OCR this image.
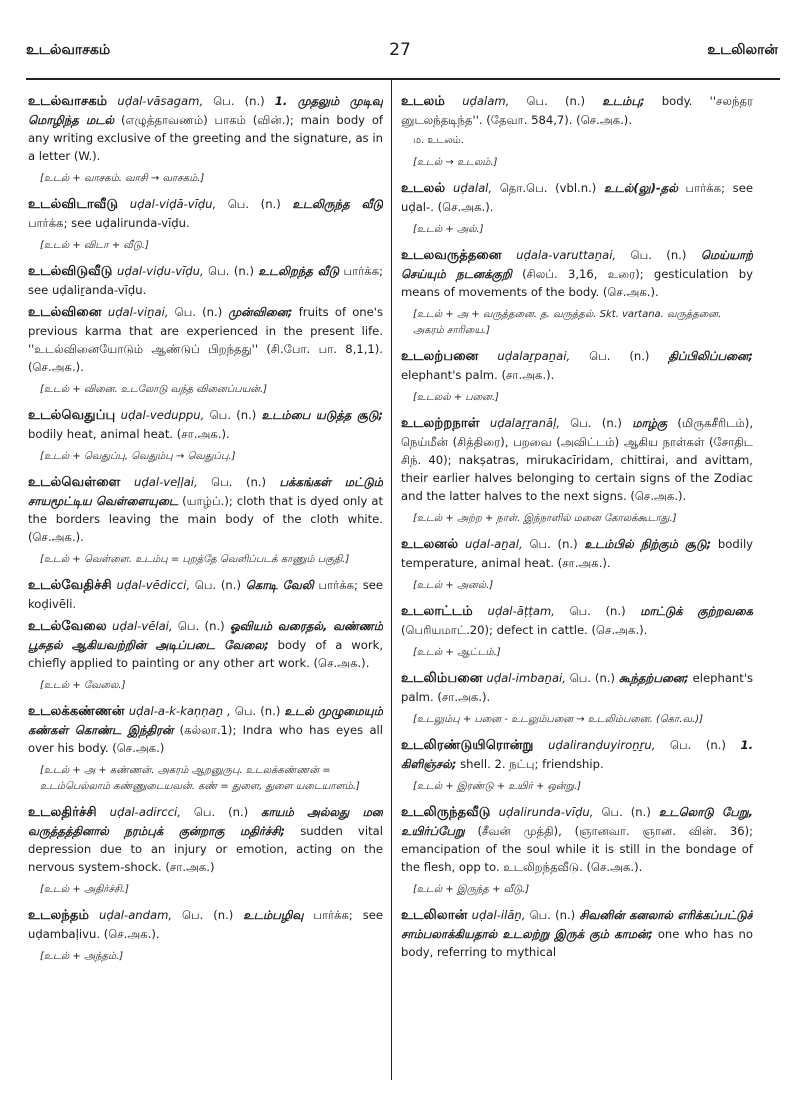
உடல்வாசகம்	27	உடலிலான்
உடல்வாசகம் uḍal-vāsagam, பெ. (n.) 1. முதலும் முடிவு மொழிந்த மடல் (எழுத்தாவணம்) பாகம் (வின்.); main body of any writing exclusive of the greeting and the signature, as in a letter (W.).
[உடல் + வாசகம். வாசி → வாசகம்.]
உடல்விடாவீடு uḍal-viḍā-vīḍu, பெ. (n.) உடலிருந்த வீடு பார்க்க; see uḍalirunda-vīḍu.
[உடல் + விடா + வீடு.]
உடல்விடுவீடு uḍal-viḍu-vīḍu, பெ. (n.) உடலிறந்த வீடு பார்க்க; see uḍaliṟanda-vīḍu.
உடல்வினை uḍal-viṉai, பெ. (n.) முன்வினை; fruits of one's previous karma that are experienced in the present life. ''உடல்வினையோடும் ஆண்டுப் பிறந்தது'' (சி.போ. பா. 8,1,1). (செ.அக.).
[உடல் + வினை. உடலோடு வந்த வினைப்பயன்.]
உடல்வெதுப்பு uḍal-veduppu, பெ. (n.) உடம்பை யடுத்த சூடு; bodily heat, animal heat. (சா.அக.).
[உடல் + வெதுப்பு, வெதும்பு → வெதுப்பு.]
உடல்வெள்ளை uḍal-veḷḷai, பெ. (n.) பக்கங்கள் மட்டும் சாயமூட்டிய வெள்ளையுடை (யாழ்ப்.); cloth that is dyed only at the borders leaving the main body of the cloth white. (செ.அக.).
[உடல் + வெள்ளை. உடம்பு = புறத்தே வெளிப்படக் காணும் பகுதி.]
உடல்வேதிச்சி uḍal-vēdicci, பெ. (n.) கொடி வேலி பார்க்க; see koḍivēli.
உடல்வேலை uḍal-vēlai, பெ. (n.) ஓவியம் வரைதல், வண்ணம் பூசுதல் ஆகியவற்றின் அடிப்படை வேலை; body of a work, chiefly applied to painting or any other art work. (செ.அக.).
[உடல் + வேலை.]
உடலக்கண்ணன் uḍal-a-k-kaṇṇaṉ , பெ. (n.) உடல் முழுமையும் கண்கள் கொண்ட இந்திரன் (கல்லா.1); Indra who has eyes all over his body. (செ.அக.)
[உடல் + அ + கண்ணன். அகரம் ஆறனுருபு. உடலக்கண்ணன் = உடம்பெல்லாம் கண்ணுடையவன். கண் = துளை, துளை யடையாளம்.]
உடலதிர்ச்சி uḍal-adircci, பெ. (n.) காயம் அல்லது மன வருத்தத்தினால் நரம்புக் குன்றாகு மதிர்ச்சி; sudden vital depression due to an injury or emotion, acting on the nervous system-shock. (சா.அக.)
[உடல் + அதிர்ச்சி.]
உடலந்தம் uḍal-andam, பெ. (n.) உடம்பழிவு பார்க்க; see uḍambaḷivu. (செ.அக.).
[உடல் + அந்தம்.]
உடலம் uḍalam, பெ. (n.) உடம்பு; body. ''சலந்தர னுடலந்தடிந்த''. (தேவா. 584,7). (செ.அக.).
ம. உடலம்.
[உடல் → உடலம்.]
உடலல் uḍalal, தொ.பெ. (vbl.n.) உடல்(லு)-தல் பார்க்க; see uḍal-. (செ.அக.).
[உடல் + அல்.]
உடலவருத்தனை uḍala-varuttaṉai, பெ. (n.) மெய்யாற் செய்யும் நடனக்குறி (சிலப். 3,16, உரை); gesticulation by means of movements of the body. (செ.அக.).
[உடல் + அ + வருத்தனை. த. வருத்தல். Skt. vartana. வருத்தனை. அகரம் சாரியை.]
உடலற்பனை uḍalaṟpaṉai, பெ. (n.) திப்பிலிப்பனை; elephant's palm. (சா.அக.).
[உடலல் + பனை.]
உடலற்றநாள் uḍalaṟṟanāḷ, பெ. (n.) மாழ்கு (மிருகசீரிடம்), நெய்மீன் (சித்திரை), பறவை (அவிட்டம்) ஆகிய நாள்கள் (சோதிட சிந். 40); nakṣatras, mirukacīridam, chittirai, and avittam, their earlier halves belonging to certain signs of the Zodiac and the latter halves to the next signs. (செ.அக.).
[உடல் + அற்ற + நாள். இந்நாளில் மனை கோலக்கூடாது.]
உடலனல் uḍal-aṉal, பெ. (n.) உடம்பில் நிற்கும் சூடு; bodily temperature, animal heat. (சா.அக.).
[உடல் + அனல்.]
உடலாட்டம் uḍal-āṭṭam, பெ. (n.) மாட்டுக் குற்றவகை (பெரியமாட்.20); defect in cattle. (செ.அக.).
[உடல் + ஆட்டம்.]
உடலிம்பனை uḍal-imbaṉai, பெ. (n.) கூந்தற்பனை; elephant's palm. (சா.அக.).
[உடலும்பு + பனை - உடலும்பனை → உடலிம்பனை. (கொ.வ.)]
உடலிரண்டுயிரொன்று uḍaliranḍuyiroṉṟu, பெ. (n.) 1. கிளிஞ்சல்; shell. 2. நட்பு; friendship.
[உடல் + இரண்டு + உயிர் + ஒன்று.]
உடலிருந்தவீடு uḍalirunda-vīḍu, பெ. (n.) உடலொடு பேறு, உயிர்ப்பேறு (சீவன் முத்தி), (ஞானவா. ஞான. வின். 36); emancipation of the soul while it is still in the bondage of the flesh, opp to. உடலிறந்தவீடு. (செ.அக.).
[உடல் + இருந்த + வீடு.]
உடலிலான் uḍal-ilāṉ, பெ. (n.) சிவனின் கனலால் எரிக்கப்பட்டுச் சாம்பலாக்கியதால் உடலற்று இருக் கும் காமன்; one who has no body, referring to mythical
